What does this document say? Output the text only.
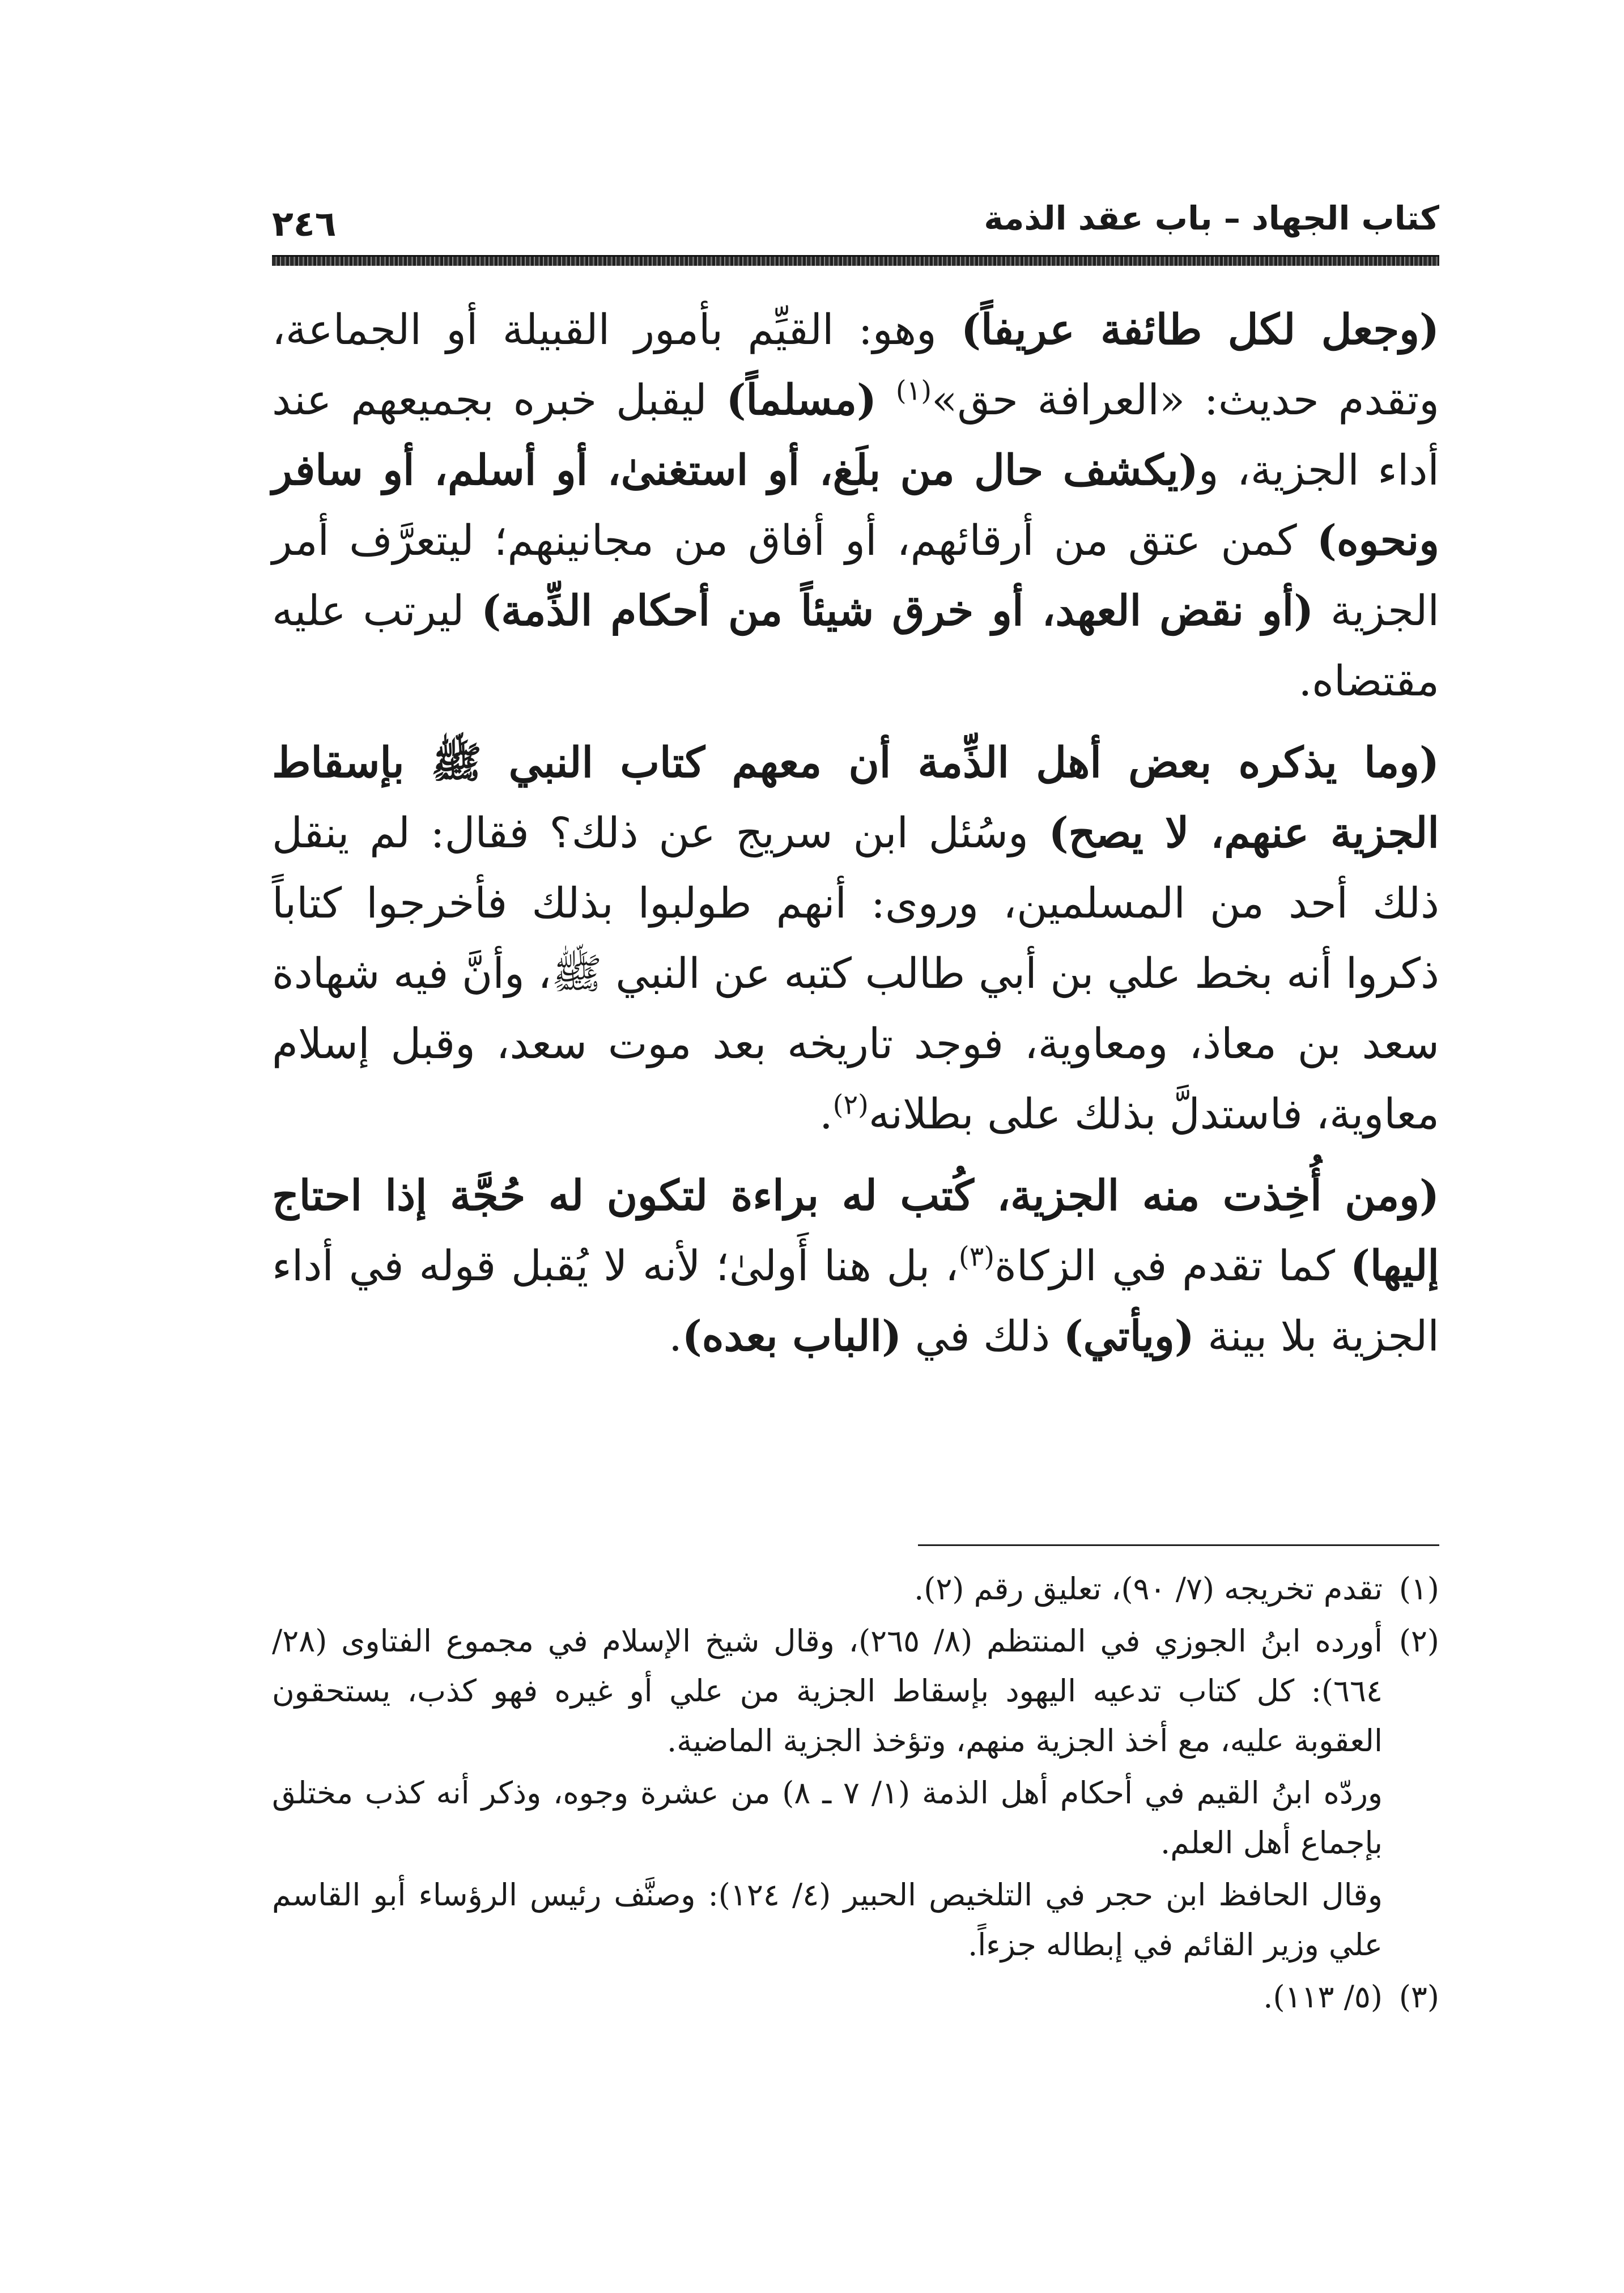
كتاب الجهاد – باب عقد الذمة
٢٤٦

(وجعل لكل طائفة عريفاً) وهو: القيِّم بأمور القبيلة أو الجماعة، وتقدم حديث: «العرافة حق»$^{(١)}$ (مسلماً) ليقبل خبره بجميعهم عند أداء الجزية، و(يكشف حال من بلَغ، أو استغنىٰ، أو أسلم، أو سافر ونحوه) كمن عتق من أرقائهم، أو أفاق من مجانينهم؛ ليتعرَّف أمر الجزية (أو نقض العهد، أو خرق شيئاً من أحكام الذِّمة) ليرتب عليه مقتضاه.

(وما يذكره بعض أهل الذِّمة أن معهم كتاب النبي ﷺ بإسقاط الجزية عنهم، لا يصح) وسُئل ابن سريج عن ذلك؟ فقال: لم ينقل ذلك أحد من المسلمين، وروى: أنهم طولبوا بذلك فأخرجوا كتاباً ذكروا أنه بخط علي بن أبي طالب كتبه عن النبي ﷺ، وأنَّ فيه شهادة سعد بن معاذ، ومعاوية، فوجد تاريخه بعد موت سعد، وقبل إسلام معاوية، فاستدلَّ بذلك على بطلانه$^{(٢)}$.

(ومن أُخِذت منه الجزية، كُتب له براءة لتكون له حُجَّة إذا احتاج إليها) كما تقدم في الزكاة$^{(٣)}$، بل هنا أَولىٰ؛ لأنه لا يُقبل قوله في أداء الجزية بلا بينة (ويأتي) ذلك في (الباب بعده).

(١)
تقدم تخريجه (٧/ ٩٠)، تعليق رقم (٢).

(٢)
أورده ابنُ الجوزي في المنتظم (٨/ ٢٦٥)، وقال شيخ الإسلام في مجموع الفتاوى (٢٨/ ٦٦٤): كل كتاب تدعيه اليهود بإسقاط الجزية من علي أو غيره فهو كذب، يستحقون العقوبة عليه، مع أخذ الجزية منهم، وتؤخذ الجزية الماضية.

وردّه ابنُ القيم في أحكام أهل الذمة (١/ ٧ ـ ٨) من عشرة وجوه، وذكر أنه كذب مختلق بإجماع أهل العلم.

وقال الحافظ ابن حجر في التلخيص الحبير (٤/ ١٢٤): وصنَّف رئيس الرؤساء أبو القاسم علي وزير القائم في إبطاله جزءاً.

(٣)
(٥/ ١١٣).
